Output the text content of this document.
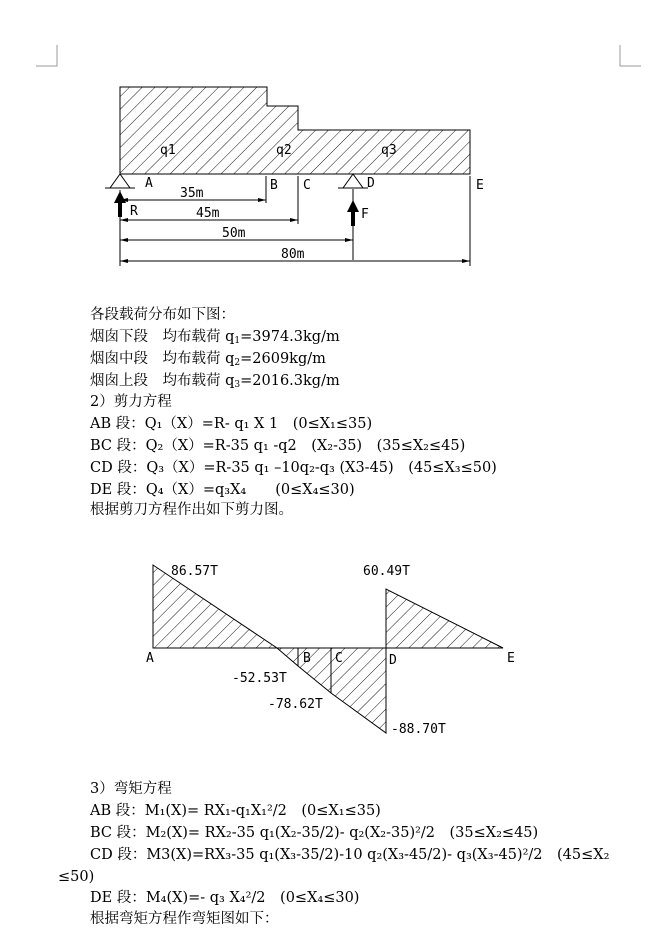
q1	q2	q3
A	B C	D	E
R	F
35m
45m
50m
80m
86.57T	60.49T
A	B C	D	E
-52.53T
-78.62T
-88.70T
各段载荷分布如下图：
烟囱下段　均布载荷 $q_1=3974.3kg/m$
烟囱中段　均布载荷 $q_2=2609kg/m$
烟囱上段　均布载荷 $q_3=2016.3kg/m$
2）剪力方程
AB 段：Q₁（X）=R- q₁ X 1　(0≤X₁≤35)
BC 段：Q₂（X）=R-35 q₁ -q2　(X₂-35)　(35≤X₂≤45)
CD 段：Q₃（X）=R-35 q₁ –10q₂-q₃ (X3-45)　(45≤X₃≤50)
DE 段：Q₄（X）=q₃X₄　　(0≤X₄≤30)
根据剪刀方程作出如下剪力图。
3）弯矩方程
AB 段：M₁(X)= RX₁-q₁X₁²/2　(0≤X₁≤35)
BC 段：M₂(X)= RX₂-35 q₁(X₂-35/2)- q₂(X₂-35)²/2　(35≤X₂≤45)
CD 段：M3(X)=RX₃-35 q₁(X₃-35/2)-10 q₂(X₃-45/2)- q₃(X₃-45)²/2　(45≤X₂
≤50)
DE 段：M₄(X)=- q₃ X₄²/2　(0≤X₄≤30)
根据弯矩方程作弯矩图如下：
